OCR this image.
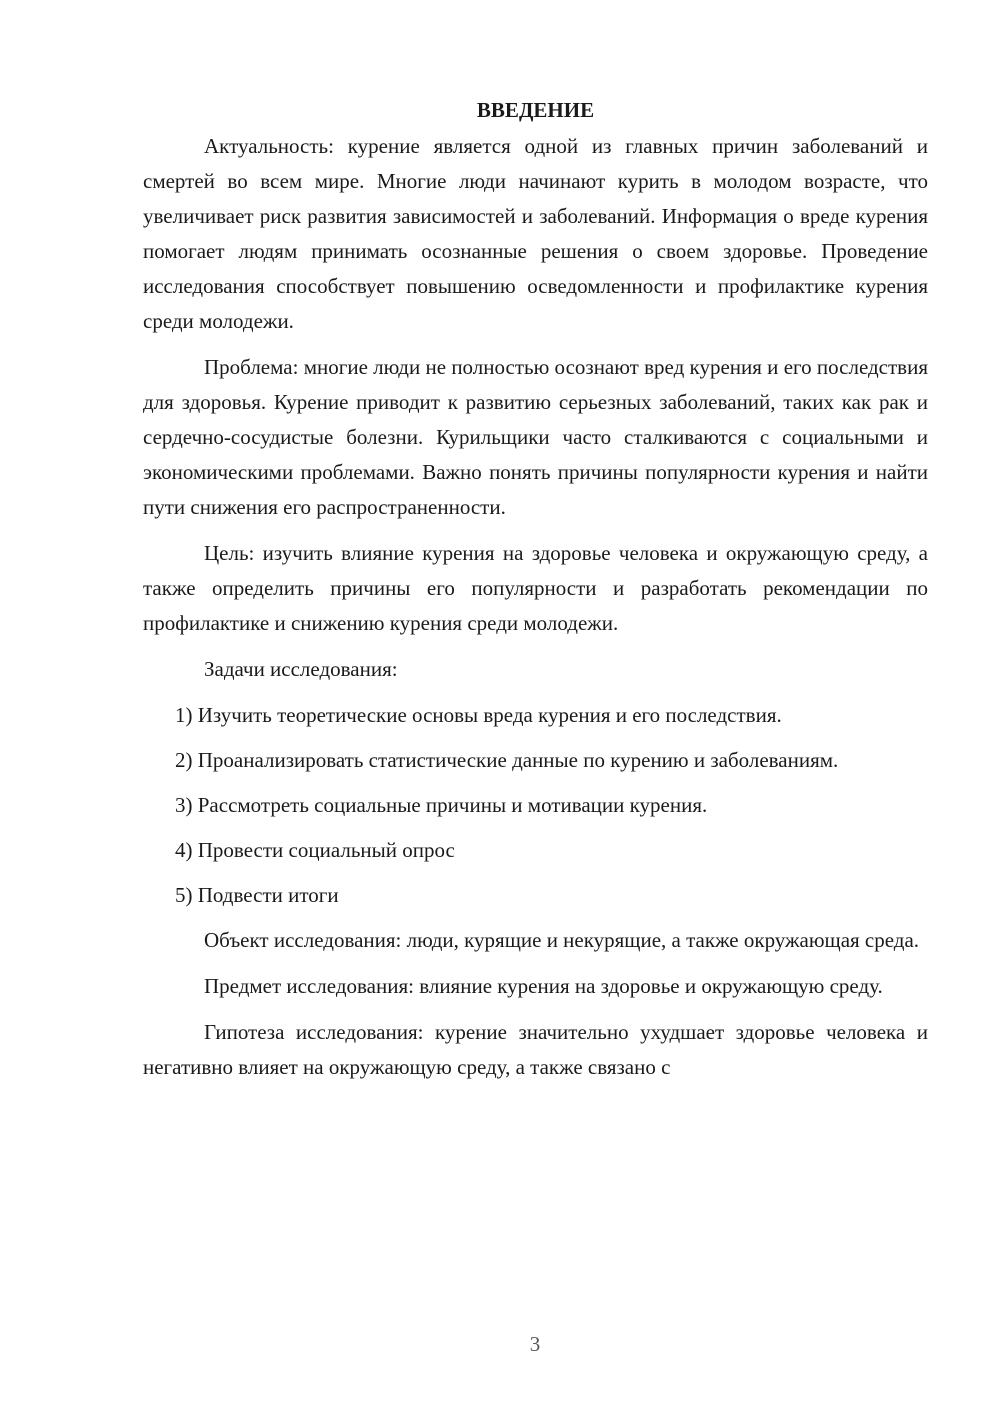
ВВЕДЕНИЕ

Актуальность: курение является одной из главных причин заболеваний и смертей во всем мире. Многие люди начинают курить в молодом возрасте, что увеличивает риск развития зависимостей и заболеваний. Информация о вреде курения помогает людям принимать осознанные решения о своем здоровье. Проведение исследования способствует повышению осведомленности и профилактике курения среди молодежи.

Проблема: многие люди не полностью осознают вред курения и его последствия для здоровья. Курение приводит к развитию серьезных заболеваний, таких как рак и сердечно-сосудистые болезни. Курильщики часто сталкиваются с социальными и экономическими проблемами. Важно понять причины популярности курения и найти пути снижения его распространенности.

Цель: изучить влияние курения на здоровье человека и окружающую среду, а также определить причины его популярности и разработать рекомендации по профилактике и снижению курения среди молодежи.

Задачи исследования:

1) Изучить теоретические основы вреда курения и его последствия.

2) Проанализировать статистические данные по курению и заболеваниям.

3) Рассмотреть социальные причины и мотивации курения.

4) Провести социальный опрос

5) Подвести итоги

Объект исследования: люди, курящие и некурящие, а также окружающая среда.

Предмет исследования: влияние курения на здоровье и окружающую среду.

Гипотеза исследования: курение значительно ухудшает здоровье человека и негативно влияет на окружающую среду, а также связано с

3
